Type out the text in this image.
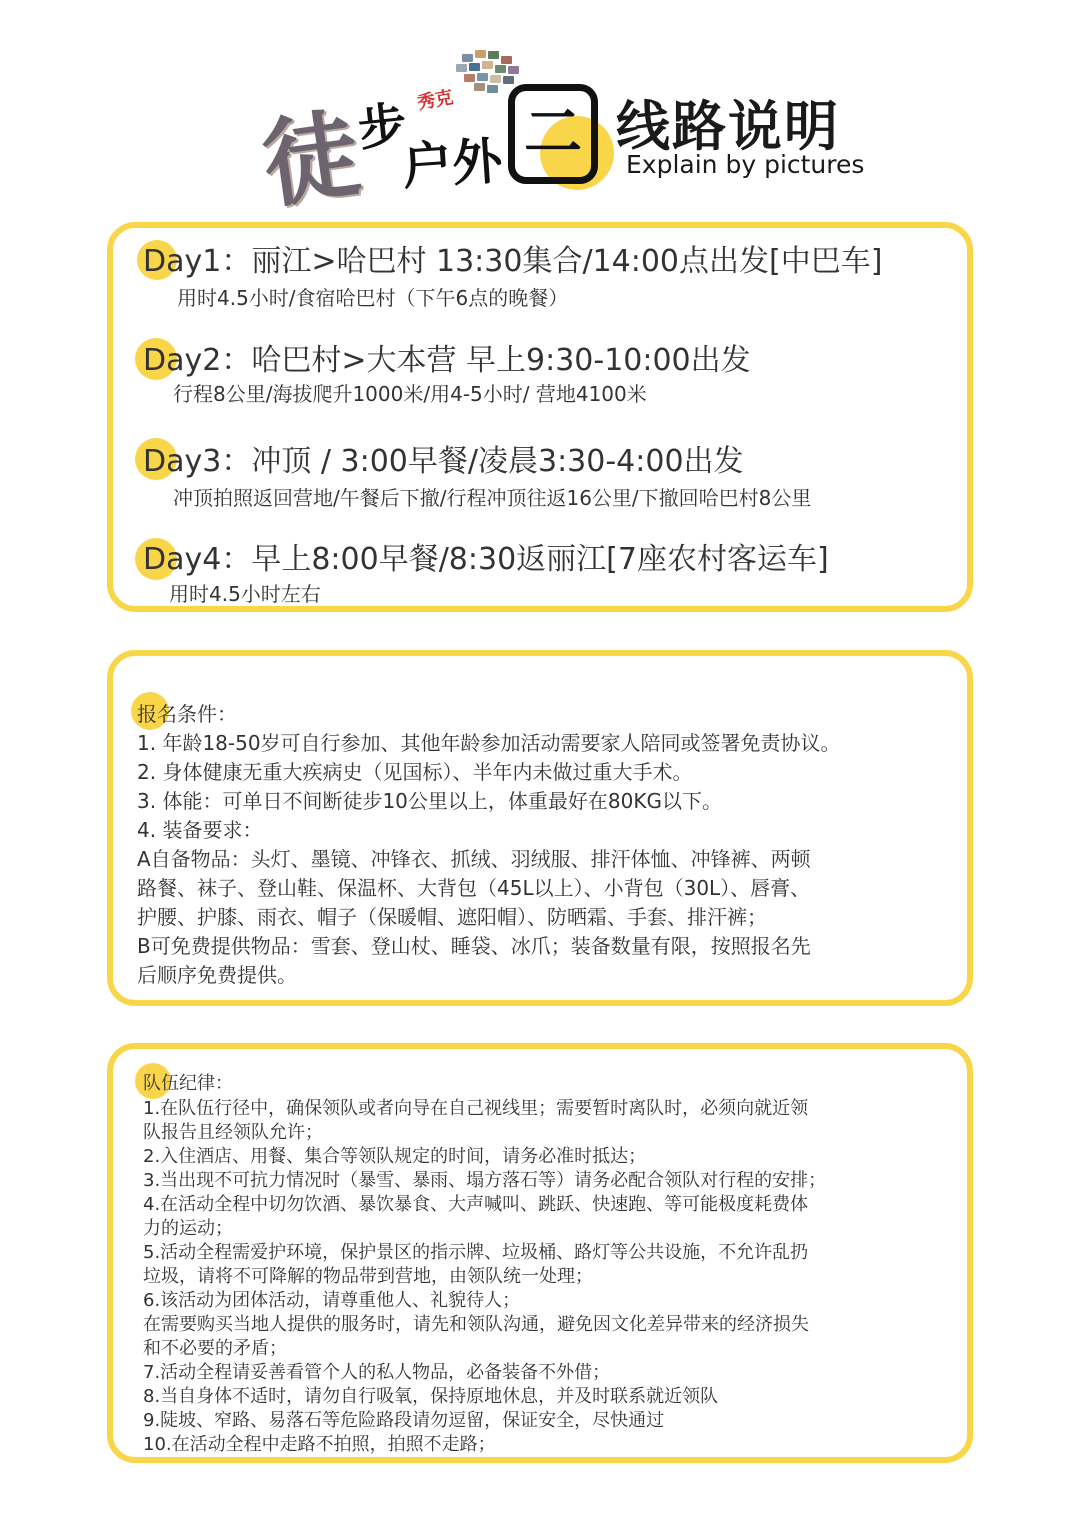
徒
步 秀克
户外 二 线路说明
Explain by pictures
Day1：丽江>哈巴村 13:30集合/14:00点出发[中巴车]
用时4.5小时/食宿哈巴村（下午6点的晚餐）
Day2：哈巴村>大本营 早上9:30-10:00出发
行程8公里/海拔爬升1000米/用4-5小时/ 营地4100米
Day3：冲顶 / 3:00早餐/凌晨3:30-4:00出发
冲顶拍照返回营地/午餐后下撤/行程冲顶往返16公里/下撤回哈巴村8公里
Day4：早上8:00早餐/8:30返丽江[7座农村客运车]
用时4.5小时左右
报名条件：
1. 年龄18-50岁可自行参加、其他年龄参加活动需要家人陪同或签署免责协议。
2. 身体健康无重大疾病史（见国标）、半年内未做过重大手术。
3. 体能：可单日不间断徒步10公里以上，体重最好在80KG以下。
4. 装备要求：
A自备物品：头灯、墨镜、冲锋衣、抓绒、羽绒服、排汗体恤、冲锋裤、两顿
路餐、袜子、登山鞋、保温杯、大背包（45L以上）、小背包（30L）、唇膏、
护腰、护膝、雨衣、帽子（保暖帽、遮阳帽）、防晒霜、手套、排汗裤；
B可免费提供物品：雪套、登山杖、睡袋、冰爪；装备数量有限，按照报名先
后顺序免费提供。
队伍纪律：
1.在队伍行径中，确保领队或者向导在自己视线里；需要暂时离队时，必须向就近领
队报告且经领队允许；
2.入住酒店、用餐、集合等领队规定的时间，请务必准时抵达；
3.当出现不可抗力情况时（暴雪、暴雨、塌方落石等）请务必配合领队对行程的安排；
4.在活动全程中切勿饮酒、暴饮暴食、大声喊叫、跳跃、快速跑、等可能极度耗费体
力的运动；
5.活动全程需爱护环境，保护景区的指示牌、垃圾桶、路灯等公共设施，不允许乱扔
垃圾，请将不可降解的物品带到营地，由领队统一处理；
6.该活动为团体活动，请尊重他人、礼貌待人；
在需要购买当地人提供的服务时，请先和领队沟通，避免因文化差异带来的经济损失
和不必要的矛盾；
7.活动全程请妥善看管个人的私人物品，必备装备不外借；
8.当自身体不适时，请勿自行吸氧，保持原地休息，并及时联系就近领队
9.陡坡、窄路、易落石等危险路段请勿逗留，保证安全，尽快通过
10.在活动全程中走路不拍照，拍照不走路；
